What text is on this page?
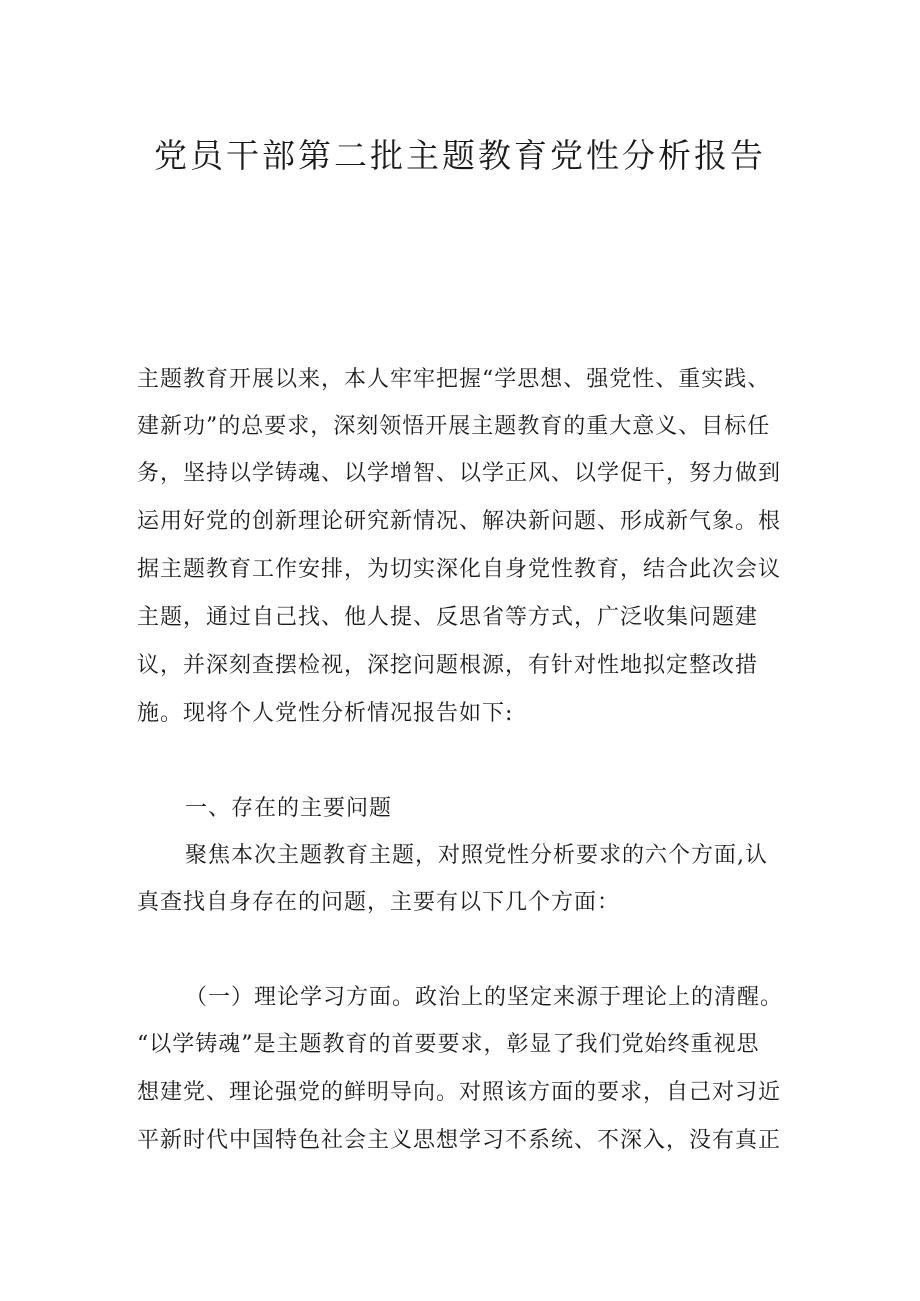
党员干部第二批主题教育党性分析报告

主题教育开展以来，本人牢牢把握“学思想、强党性、重实践、

建新功”的总要求，深刻领悟开展主题教育的重大意义、目标任

务，坚持以学铸魂、以学增智、以学正风、以学促干，努力做到

运用好党的创新理论研究新情况、解决新问题、形成新气象。根

据主题教育工作安排，为切实深化自身党性教育，结合此次会议

主题，通过自己找、他人提、反思省等方式，广泛收集问题建

议，并深刻查摆检视，深挖问题根源，有针对性地拟定整改措

施。现将个人党性分析情况报告如下:

一、存在的主要问题

聚焦本次主题教育主题，对照党性分析要求的六个方面,认

真查找自身存在的问题，主要有以下几个方面：

（一）理论学习方面。政治上的坚定来源于理论上的清醒。

“以学铸魂”是主题教育的首要要求，彰显了我们党始终重视思

想建党、理论强党的鲜明导向。对照该方面的要求，自己对习近

平新时代中国特色社会主义思想学习不系统、不深入，没有真正
